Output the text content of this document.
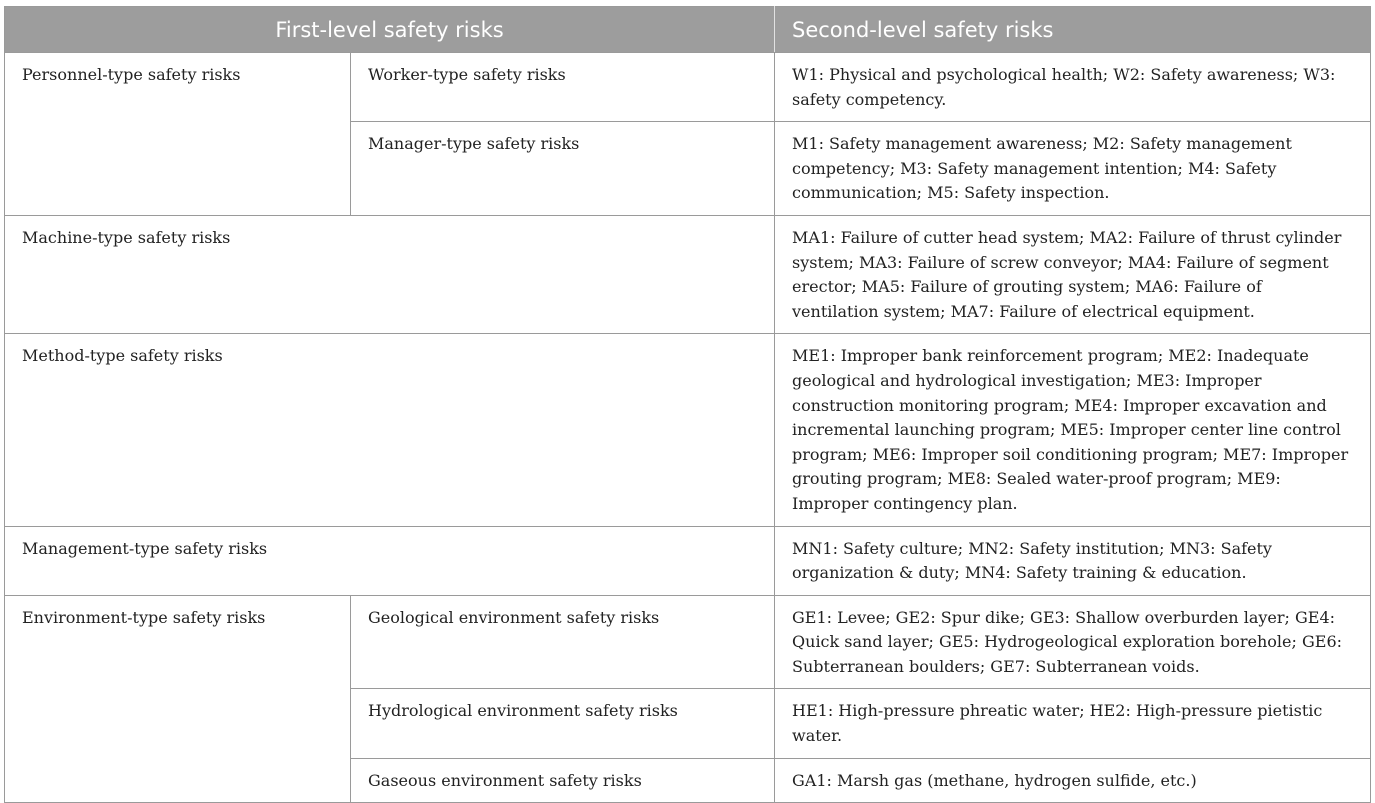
First-level safety risks		Second-level safety risks
Personnel-type safety risks	Worker-type safety risks	W1: Physical and psychological health; W2: Safety awareness; W3: safety competency.
	Manager-type safety risks	M1: Safety management awareness; M2: Safety management competency; M3: Safety management intention; M4: Safety communication; M5: Safety inspection.
Machine-type safety risks		MA1: Failure of cutter head system; MA2: Failure of thrust cylinder system; MA3: Failure of screw conveyor; MA4: Failure of segment erector; MA5: Failure of grouting system; MA6: Failure of ventilation system; MA7: Failure of electrical equipment.
Method-type safety risks		ME1: Improper bank reinforcement program; ME2: Inadequate geological and hydrological investigation; ME3: Improper construction monitoring program; ME4: Improper excavation and incremental launching program; ME5: Improper center line control program; ME6: Improper soil conditioning program; ME7: Improper grouting program; ME8: Sealed water-proof program; ME9: Improper contingency plan.
Management-type safety risks		MN1: Safety culture; MN2: Safety institution; MN3: Safety organization & duty; MN4: Safety training & education.
Environment-type safety risks	Geological environment safety risks	GE1: Levee; GE2: Spur dike; GE3: Shallow overburden layer; GE4: Quick sand layer; GE5: Hydrogeological exploration borehole; GE6: Subterranean boulders; GE7: Subterranean voids.
	Hydrological environment safety risks	HE1: High-pressure phreatic water; HE2: High-pressure pietistic water.
	Gaseous environment safety risks	GA1: Marsh gas (methane, hydrogen sulfide, etc.)
